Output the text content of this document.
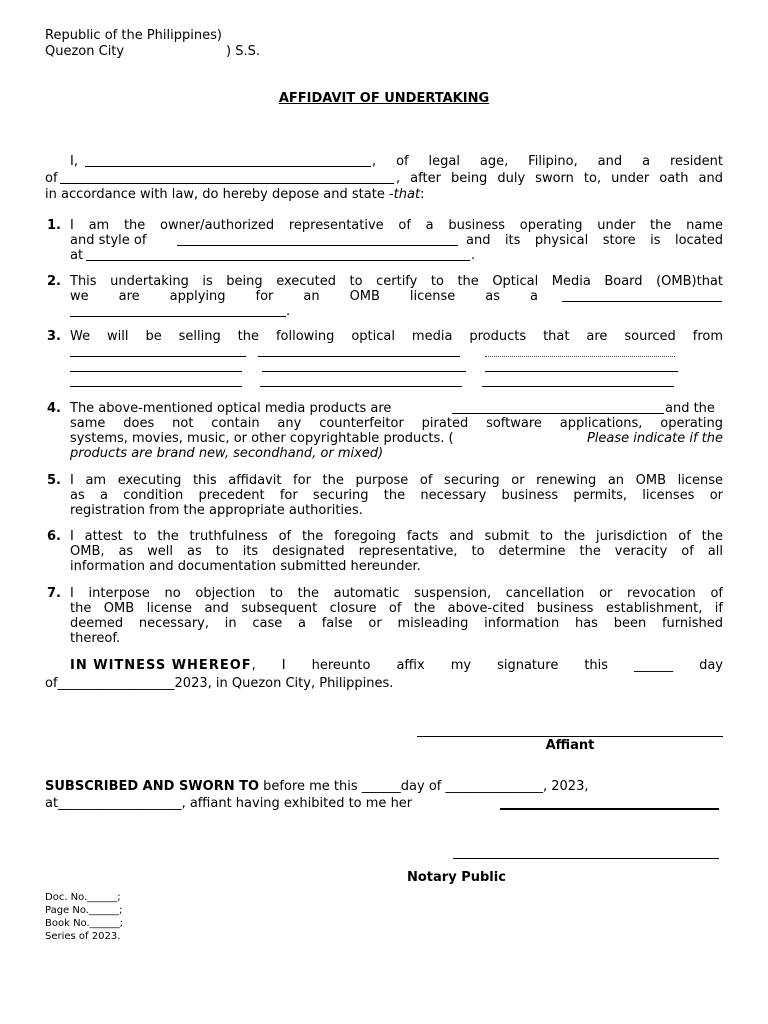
Republic of the Philippines)
Quezon City	) S.S.
AFFIDAVIT OF UNDERTAKING
I,	, of legal age, Filipino, and a resident
of	, after being duly sworn to, under oath and
in accordance with law, do hereby depose and state -that:
1. I am the owner/authorized representative of a business operating under the name
and style of	and its physical store is located
at	.
2. This undertaking is being executed to certify to the Optical Media Board (OMB)that
we are applying for an OMB license as a
.
3. We will be selling the following optical media products that are sourced from
4. The above-mentioned optical media products are	and the
same does not contain any counterfeitor pirated software applications, operating
systems, movies, music, or other copyrightable products. (	Please indicate if the
products are brand new, secondhand, or mixed)
5. I am executing this affidavit for the purpose of securing or renewing an OMB license
as a condition precedent for securing the necessary business permits, licenses or
registration from the appropriate authorities.
6. I attest to the truthfulness of the foregoing facts and submit to the jurisdiction of the
OMB, as well as to its designated representative, to determine the veracity of all
information and documentation submitted hereunder.
7. I interpose no objection to the automatic suspension, cancellation or revocation of
the OMB license and subsequent closure of the above-cited business establishment, if
deemed necessary, in case a false or misleading information has been furnished
thereof.
IN WITNESS WHEREOF , I hereunto affix my signature this ______ day
of__________________2023, in Quezon City, Philippines.
Affiant
SUBSCRIBED AND SWORN TO before me this ______day of _______________, 2023,
at___________________, affiant having exhibited to me her
Notary Public
Doc. No.______;
Page No.______;
Book No.______;
Series of 2023.
